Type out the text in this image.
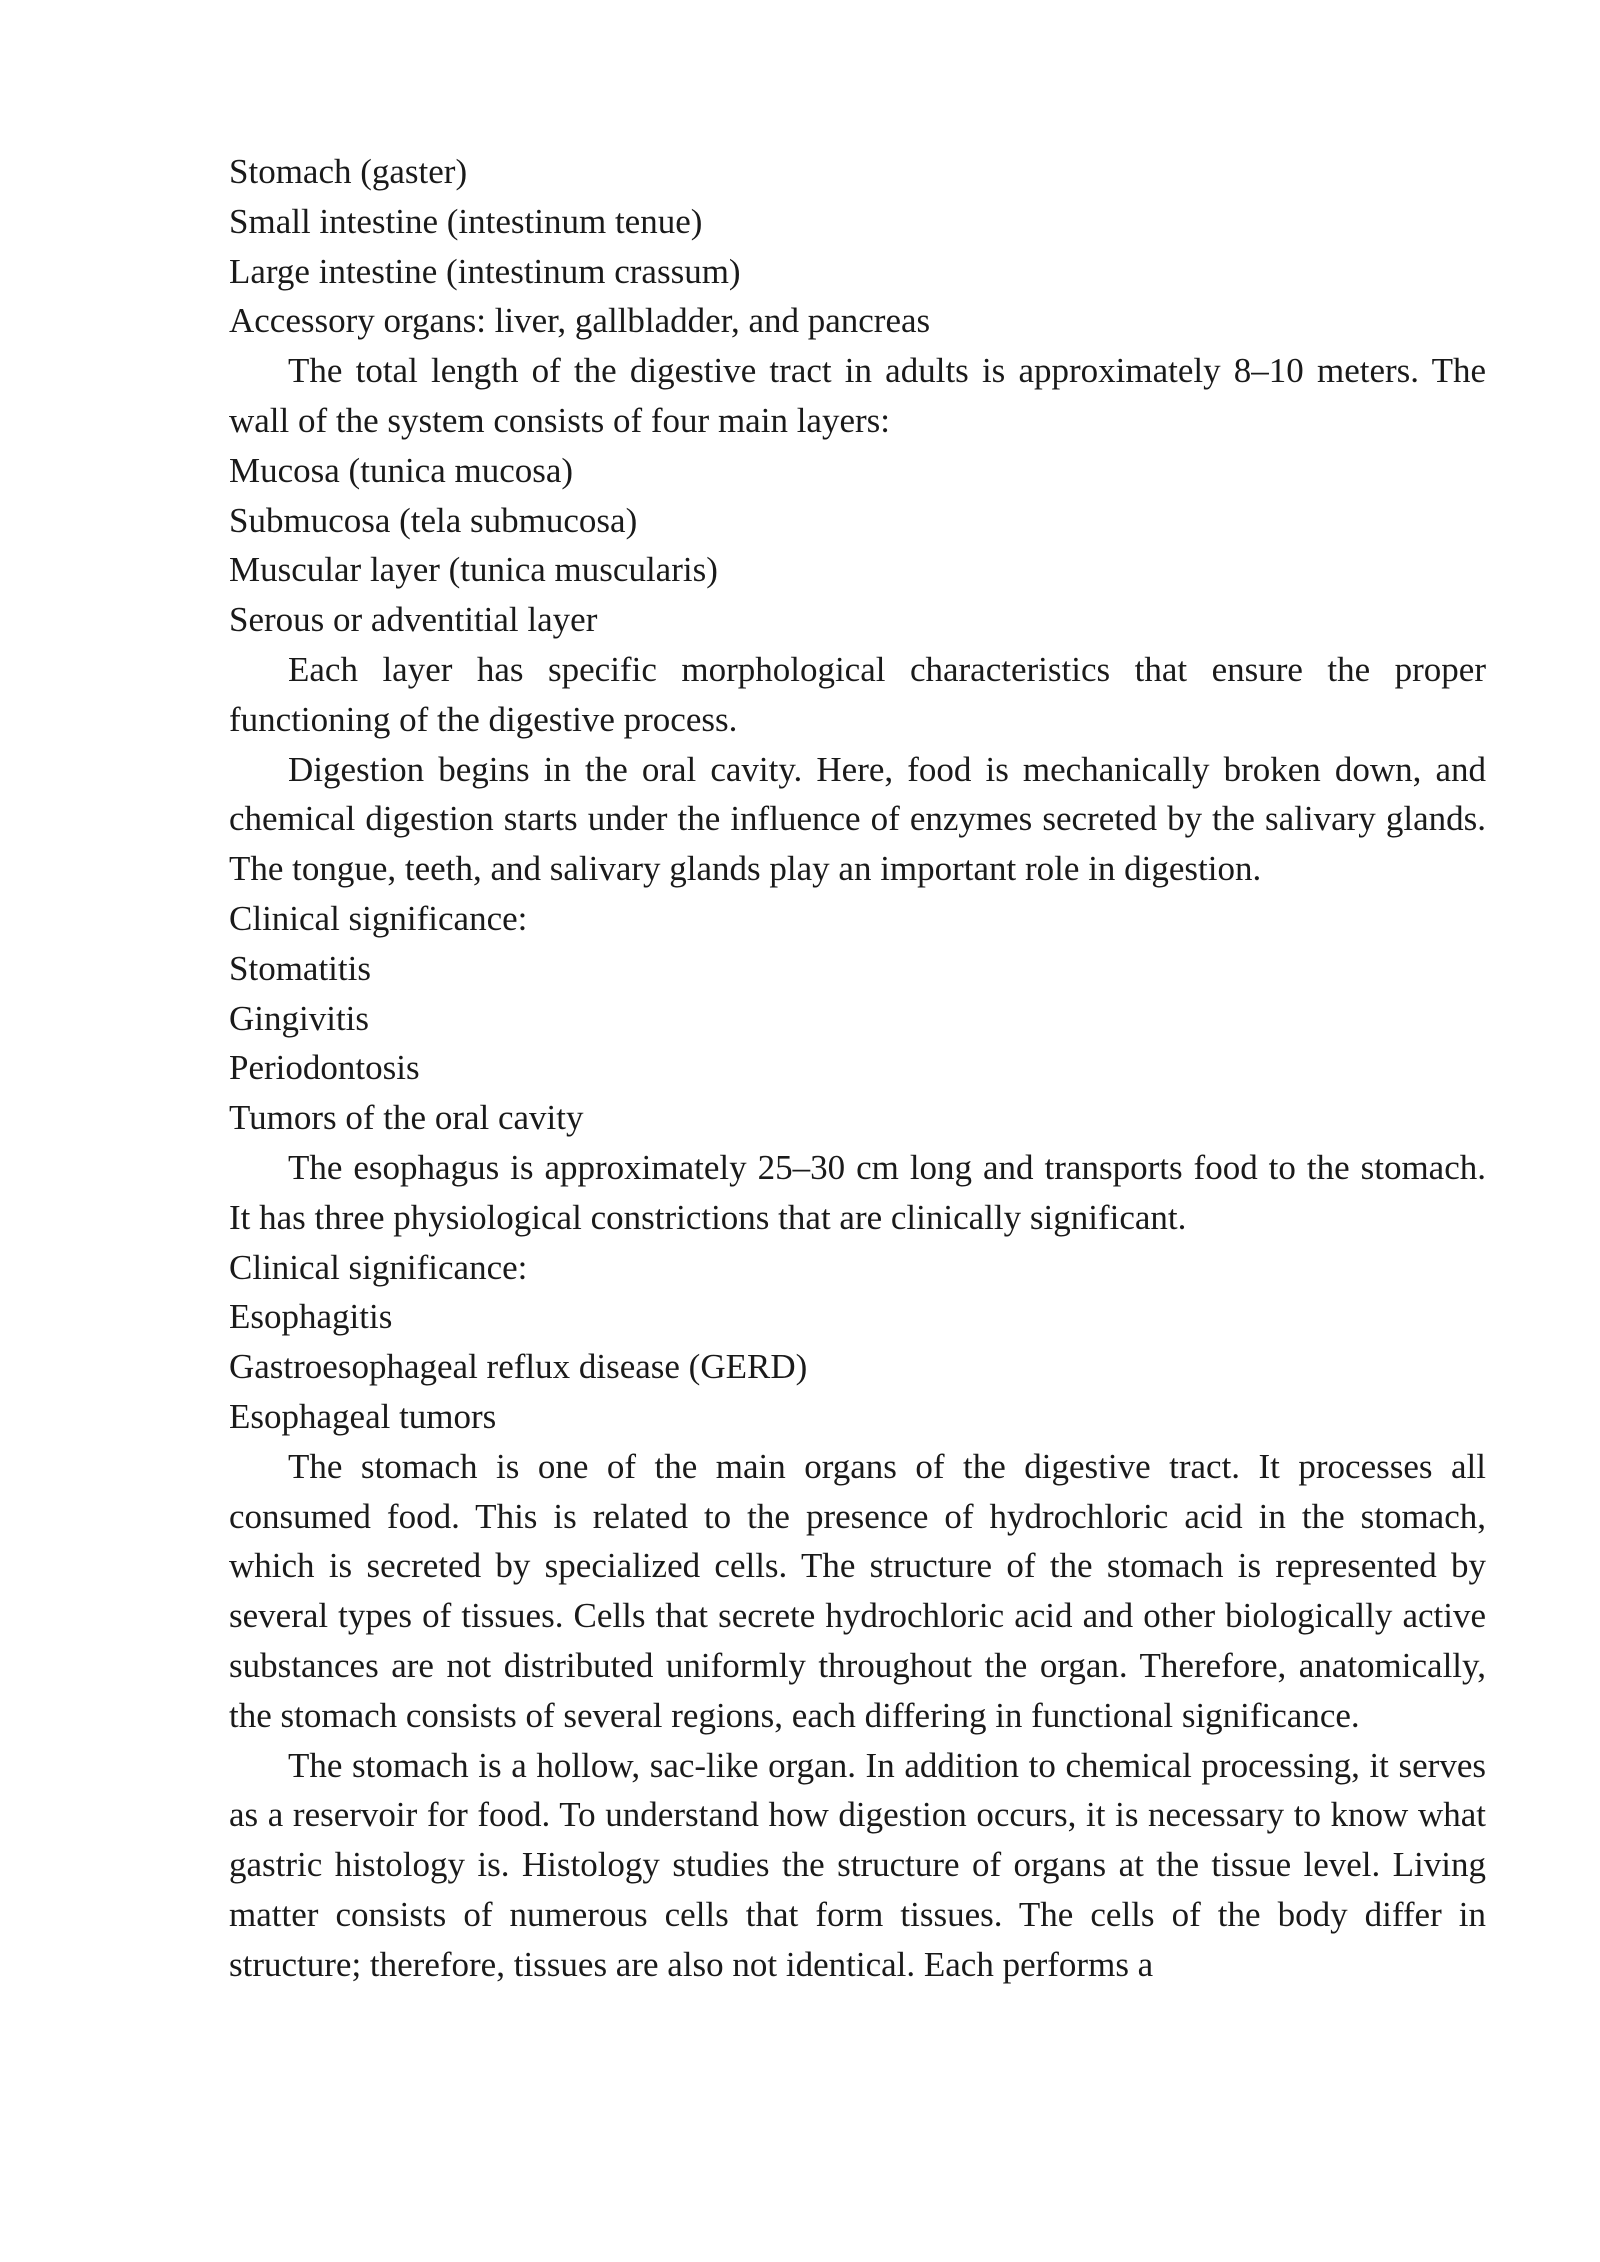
Stomach (gaster)

Small intestine (intestinum tenue)

Large intestine (intestinum crassum)

Accessory organs: liver, gallbladder, and pancreas

The total length of the digestive tract in adults is approximately 8–10 meters. The wall of the system consists of four main layers:

Mucosa (tunica mucosa)

Submucosa (tela submucosa)

Muscular layer (tunica muscularis)

Serous or adventitial layer

Each layer has specific morphological characteristics that ensure the proper functioning of the digestive process.

Digestion begins in the oral cavity. Here, food is mechanically broken down, and chemical digestion starts under the influence of enzymes secreted by the salivary glands. The tongue, teeth, and salivary glands play an important role in digestion.

Clinical significance:

Stomatitis

Gingivitis

Periodontosis

Tumors of the oral cavity

The esophagus is approximately 25–30 cm long and transports food to the stomach. It has three physiological constrictions that are clinically significant.

Clinical significance:

Esophagitis

Gastroesophageal reflux disease (GERD)

Esophageal tumors

The stomach is one of the main organs of the digestive tract. It processes all consumed food. This is related to the presence of hydrochloric acid in the stomach, which is secreted by specialized cells. The structure of the stomach is represented by several types of tissues. Cells that secrete hydrochloric acid and other biologically active substances are not distributed uniformly throughout the organ. Therefore, anatomically, the stomach consists of several regions, each differing in functional significance.

The stomach is a hollow, sac-like organ. In addition to chemical processing, it serves as a reservoir for food. To understand how digestion occurs, it is necessary to know what gastric histology is. Histology studies the structure of organs at the tissue level. Living matter consists of numerous cells that form tissues. The cells of the body differ in structure; therefore, tissues are also not identical. Each performs a
